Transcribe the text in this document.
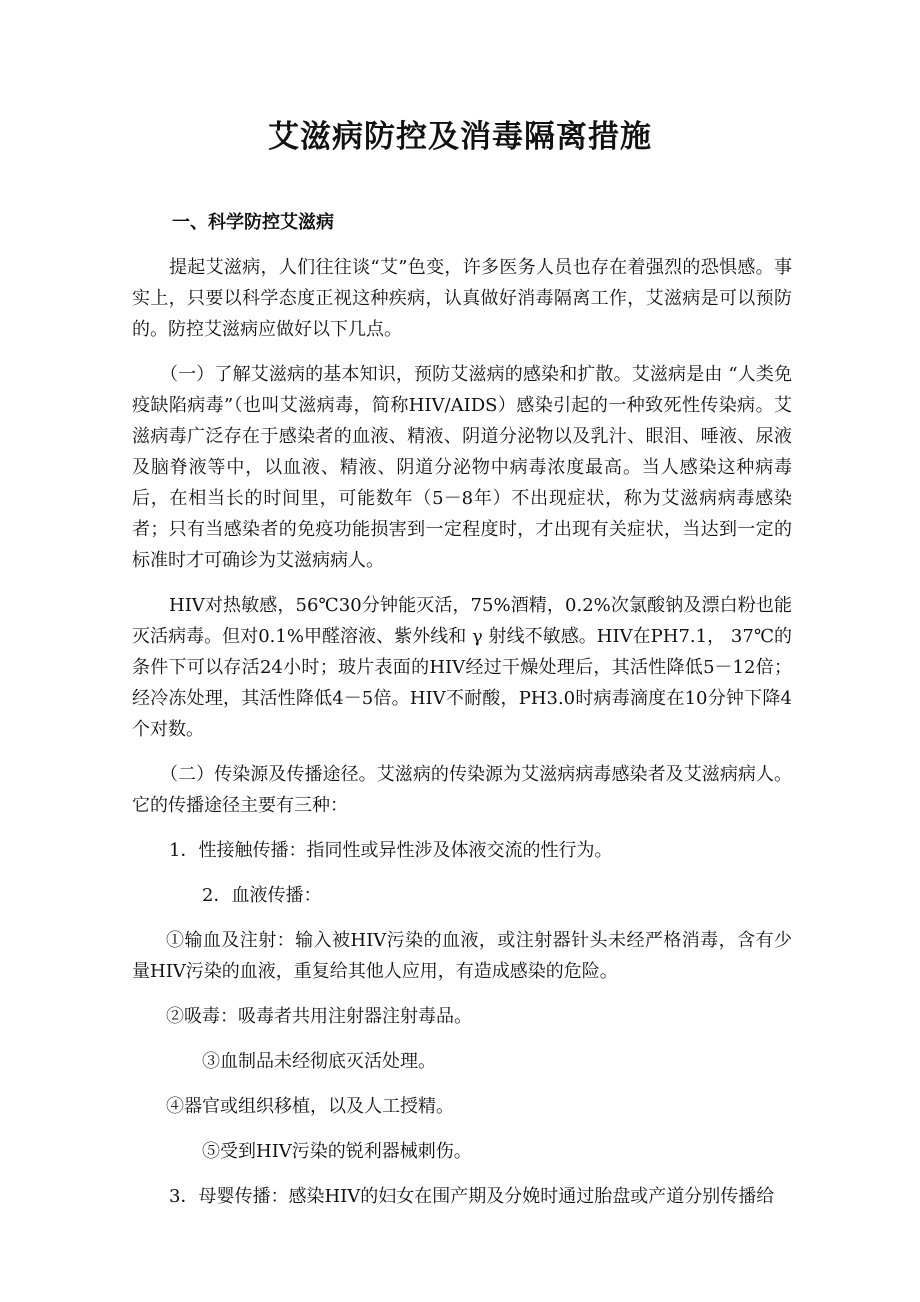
艾滋病防控及消毒隔离措施

一、科学防控艾滋病

提起艾滋病，人们往往谈“艾”色变，许多医务人员也存在着强烈的恐惧感。事实上，只要以科学态度正视这种疾病，认真做好消毒隔离工作，艾滋病是可以预防的。防控艾滋病应做好以下几点。

（一）了解艾滋病的基本知识，预防艾滋病的感染和扩散。艾滋病是由 “人类免疫缺陷病毒”（也叫艾滋病毒，简称HIV/AIDS）感染引起的一种致死性传染病。艾滋病毒广泛存在于感染者的血液、精液、阴道分泌物以及乳汁、眼泪、唾液、尿液及脑脊液等中，以血液、精液、阴道分泌物中病毒浓度最高。当人感染这种病毒后，在相当长的时间里，可能数年（5－8年）不出现症状，称为艾滋病病毒感染者；只有当感染者的免疫功能损害到一定程度时，才出现有关症状，当达到一定的标准时才可确诊为艾滋病病人。

HIV对热敏感，56℃30分钟能灭活，75%酒精，0.2%次氯酸钠及漂白粉也能灭活病毒。但对0.1%甲醛溶液、紫外线和 γ 射线不敏感。HIV在PH7.1， 37℃的条件下可以存活24小时；玻片表面的HIV经过干燥处理后，其活性降低5－12倍；经冷冻处理，其活性降低4－5倍。HIV不耐酸，PH3.0时病毒滴度在10分钟下降4个对数。

（二）传染源及传播途径。艾滋病的传染源为艾滋病病毒感染者及艾滋病病人。它的传播途径主要有三种：

1．性接触传播：指同性或异性涉及体液交流的性行为。

2．血液传播：

①输血及注射：输入被HIV污染的血液，或注射器针头未经严格消毒，含有少量HIV污染的血液，重复给其他人应用，有造成感染的危险。

②吸毒：吸毒者共用注射器注射毒品。

③血制品未经彻底灭活处理。

④器官或组织移植，以及人工授精。

⑤受到HIV污染的锐利器械刺伤。

3．母婴传播：感染HIV的妇女在围产期及分娩时通过胎盘或产道分别传播给
